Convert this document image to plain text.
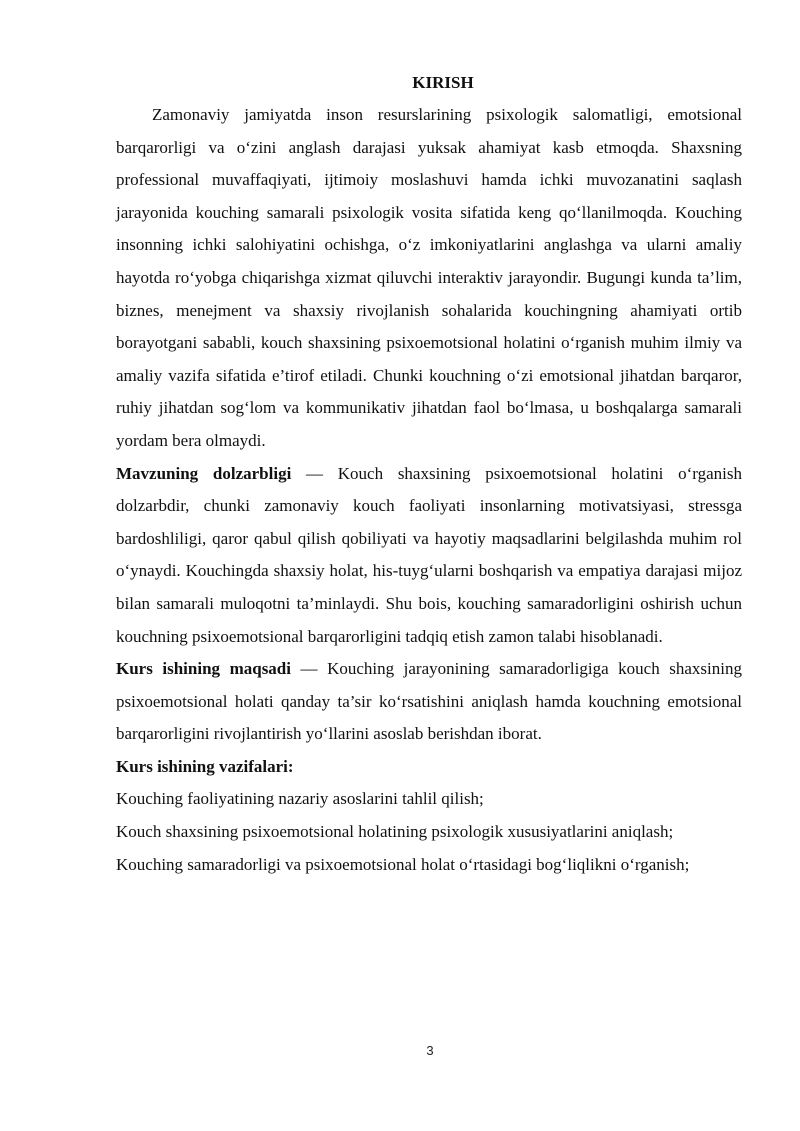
KIRISH

Zamonaviy jamiyatda inson resurslarining psixologik salomatligi, emotsional barqarorligi va o‘zini anglash darajasi yuksak ahamiyat kasb etmoqda. Shaxsning professional muvaffaqiyati, ijtimoiy moslashuvi hamda ichki muvozanatini saqlash jarayonida kouching samarali psixologik vosita sifatida keng qo‘llanilmoqda. Kouching insonning ichki salohiyatini ochishga, o‘z imkoniyatlarini anglashga va ularni amaliy hayotda ro‘yobga chiqarishga xizmat qiluvchi interaktiv jarayondir. Bugungi kunda ta’lim, biznes, menejment va shaxsiy rivojlanish sohalarida kouchingning ahamiyati ortib borayotgani sababli, kouch shaxsining psixoemotsional holatini o‘rganish muhim ilmiy va amaliy vazifa sifatida e’tirof etiladi. Chunki kouchning o‘zi emotsional jihatdan barqaror, ruhiy jihatdan sog‘lom va kommunikativ jihatdan faol bo‘lmasa, u boshqalarga samarali yordam bera olmaydi.

Mavzuning dolzarbligi — Kouch shaxsining psixoemotsional holatini o‘rganish dolzarbdir, chunki zamonaviy kouch faoliyati insonlarning motivatsiyasi, stressga bardoshliligi, qaror qabul qilish qobiliyati va hayotiy maqsadlarini belgilashda muhim rol o‘ynaydi. Kouchingda shaxsiy holat, his-tuyg‘ularni boshqarish va empatiya darajasi mijoz bilan samarali muloqotni ta’minlaydi. Shu bois, kouching samaradorligini oshirish uchun kouchning psixoemotsional barqarorligini tadqiq etish zamon talabi hisoblanadi.

Kurs ishining maqsadi — Kouching jarayonining samaradorligiga kouch shaxsining psixoemotsional holati qanday ta’sir ko‘rsatishini aniqlash hamda kouchning emotsional barqarorligini rivojlantirish yo‘llarini asoslab berishdan iborat.

Kurs ishining vazifalari:

Kouching faoliyatining nazariy asoslarini tahlil qilish;

Kouch shaxsining psixoemotsional holatining psixologik xususiyatlarini aniqlash;

Kouching samaradorligi va psixoemotsional holat o‘rtasidagi bog‘liqlikni o‘rganish;

3
